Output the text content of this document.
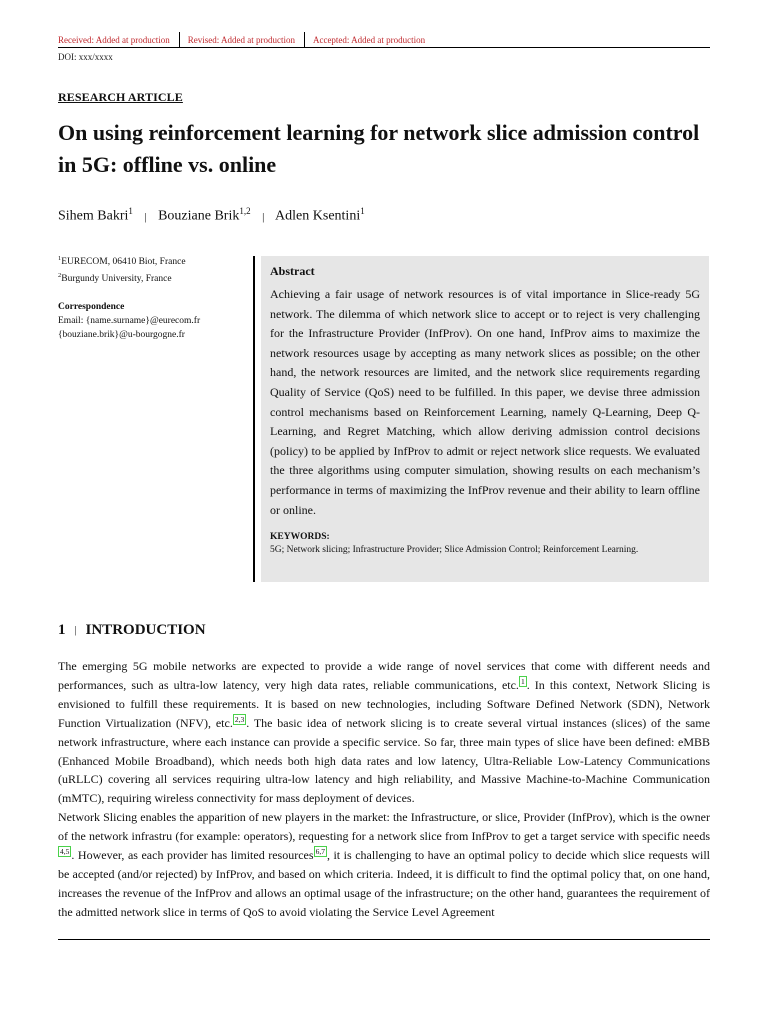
Received: Added at production	Revised: Added at production	Accepted: Added at production
DOI: xxx/xxxx
RESEARCH ARTICLE
On using reinforcement learning for network slice admission control in 5G: offline vs. online
Sihem Bakri$^1$ | Bouziane Brik$^{1,2}$ | Adlen Ksentini$^1$
$^1$EURECOM, 06410 Biot, France
$^2$Burgundy University, France
Correspondence
Email: {name.surname}@eurecom.fr
{bouziane.brik}@u-bourgogne.fr
Abstract
Achieving a fair usage of network resources is of vital importance in Slice-ready 5G network. The dilemma of which network slice to accept or to reject is very challenging for the Infrastructure Provider (InfProv). On one hand, InfProv aims to maximize the network resources usage by accepting as many network slices as possible; on the other hand, the network resources are limited, and the network slice requirements regarding Quality of Service (QoS) need to be fulfilled. In this paper, we devise three admission control mechanisms based on Reinforcement Learning, namely Q-Learning, Deep Q-Learning, and Regret Matching, which allow deriving admission control decisions (policy) to be applied by InfProv to admit or reject network slice requests. We evaluated the three algorithms using computer simulation, showing results on each mechanism’s performance in terms of maximizing the InfProv revenue and their ability to learn offline or online.
KEYWORDS:
5G; Network slicing; Infrastructure Provider; Slice Admission Control; Reinforcement Learning.
1 | INTRODUCTION

The emerging 5G mobile networks are expected to provide a wide range of novel services that come with different needs and performances, such as ultra-low latency, very high data rates, reliable communications, etc. 1 . In this context, Network Slicing is envisioned to fulfill these requirements. It is based on new technologies, including Software Defined Network (SDN), Network Function Virtualization (NFV), etc. 2,3 . The basic idea of network slicing is to create several virtual instances (slices) of the same network infrastructure, where each instance can provide a specific service. So far, three main types of slice have been defined: eMBB (Enhanced Mobile Broadband), which needs both high data rates and low latency, Ultra-Reliable Low-Latency Communications (uRLLC) covering all services requiring ultra-low latency and high reliability, and Massive Machine-to-Machine Communication (mMTC), requiring wireless connectivity for mass deployment of devices.

Network Slicing enables the apparition of new players in the market: the Infrastructure, or slice, Provider (InfProv), which is the owner of the network infrastru (for example: operators), requesting for a network slice from InfProv to get a target service with specific needs4,5 . However, as each provider has limited resources 6,7 , it is challenging to have an optimal policy to decide which slice requests will be accepted (and/or rejected) by InfProv, and based on which criteria. Indeed, it is difficult to find the optimal policy that, on one hand, increases the revenue of the InfProv and allows an optimal usage of the infrastructure; on the other hand, guarantees the requirement of the admitted network slice in terms of QoS to avoid violating the Service Level Agreement
